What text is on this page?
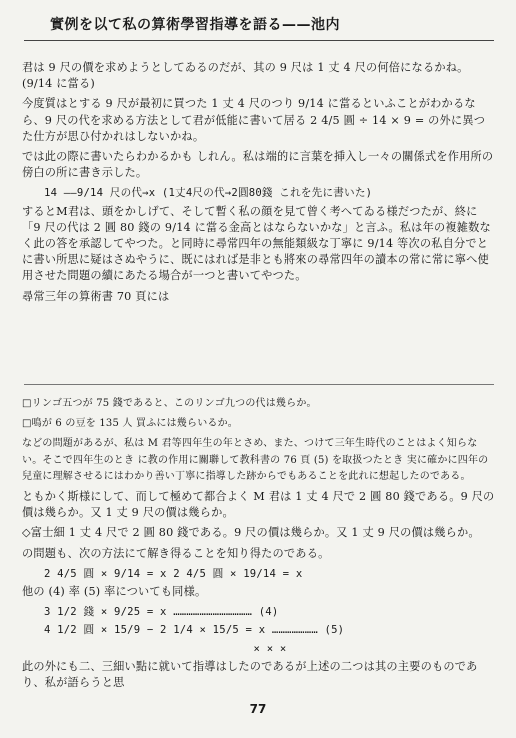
實例を以て私の算術學習指導を語る——池内

君は 9 尺の價を求めようとしてゐるのだが、其の 9 尺は 1 丈 4 尺の何倍になるかね。(9/14 に當る)

今度質はとする 9 尺が最初に買つた 1 丈 4 尺のつり 9/14 に當るといふことがわかるなら、9 尺の代を求める方法として君が低能に書いて居る 2 4/5 圓 ÷ 14 × 9 = の外に異つた仕方が思ひ付かれはしないかね。

では此の際に書いたらわかるかも しれん。私は端的に言葉を挿入し一々の關係式を作用所の傍白の所に書き示した。

14 ——9/14 尺の代→x (1丈4尺の代→2圓80錢 これを先に書いた)

するとM君は、頭をかしげて、そして暫く私の顔を見て曾く考へてゐる様だつたが、終に「9 尺の代は 2 圓 80 錢の 9/14 に當る金高とはならないかな」と言ふ。私は年の複雑数なく此の答を承認してやつた。と同時に尋常四年の無能類級な丁寧に 9/14 等次の私自分でとに書い所思に疑はさぬやうに、既にはれば是非とも將來の尋常四年の讀本の常に常に寧へ使用させた問題の續にあたる場合が一つと書いてやつた。

尋常三年の算術書 70 頁には

□リンゴ五つが 75 錢であると、このリンゴ九つの代は幾らか。

□鳴が 6 の豆を 135 人 買ふには幾らいるか。

などの問題があるが、私は M 君等四年生の年とさめ、また、つけて三年生時代のことはよく知らない。そこで四年生のとき に教の作用に關聯して教科書の 76 頁 (5) を取扱つたとき 実に確かに四年の兒童に理解させるにはわかり善い丁寧に指導した跡からでもあることを此れに想起したのである。

ともかく斯様にして、而して極めて都合よく M 君は 1 丈 4 尺で 2 圓 80 錢である。9 尺の價は幾らか。又 1 丈 9 尺の價は幾らか。

◇富士細 1 丈 4 尺で 2 圓 80 錢である。9 尺の價は幾らか。又 1 丈 9 尺の價は幾らか。

の問題も、次の方法にて解き得ることを知り得たのである。

2 4/5 圓 × 9/14 = x 2 4/5 圓 × 19/14 = x

他の (4) 率 (5) 率についても同様。

3 1/2 錢 × 9/25 = x ……………………………… (4)

4 1/2 圓 × 15/9 − 2 1/4 × 15/5 = x ………………… (5)

× × ×

此の外にも二、三細い點に就いて指導はしたのであるが上述の二つは其の主要のものであり、私が語らうと思

77
